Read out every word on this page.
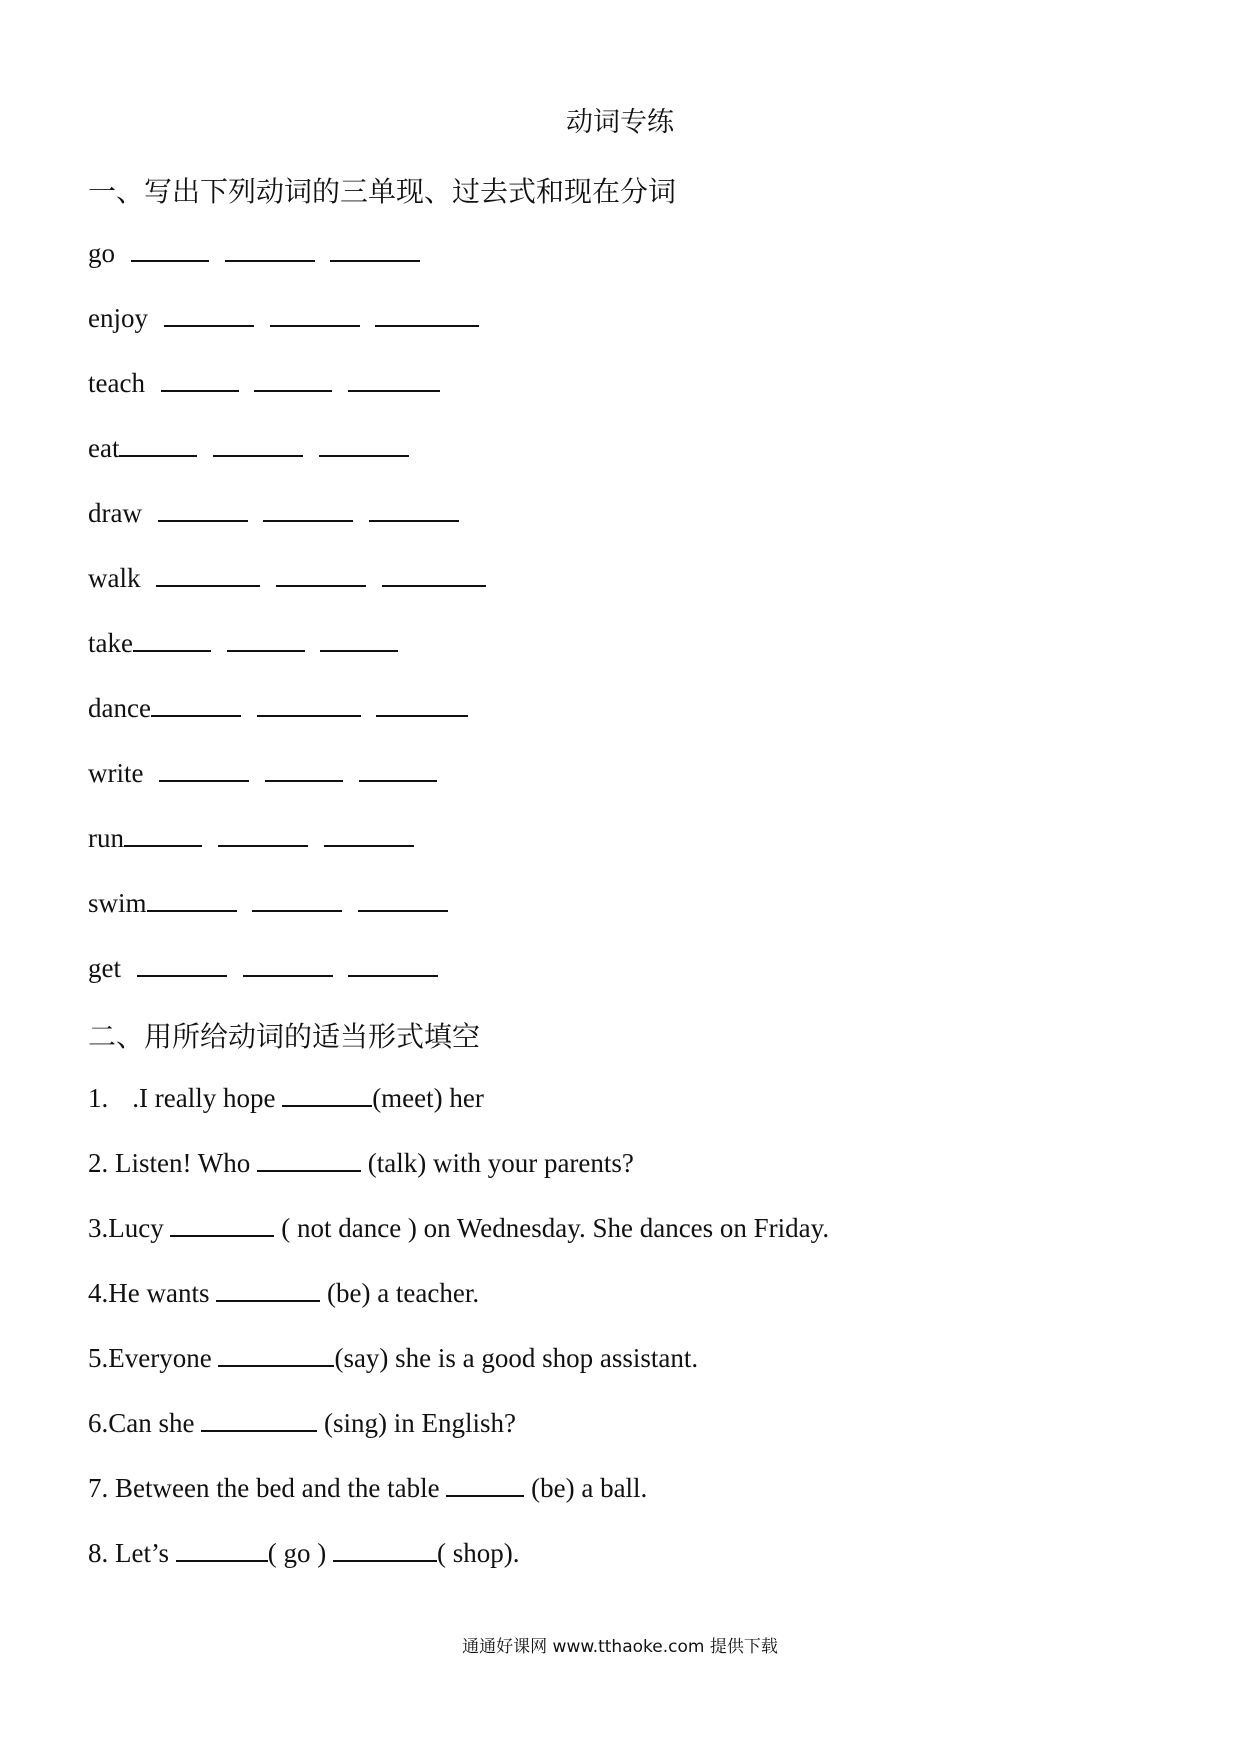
动词专练
一、写出下列动词的三单现、过去式和现在分词
go
enjoy
teach
eat
draw
walk
take
dance
write
run
swim
get
二、用所给动词的适当形式填空
1. .I really hope	(meet) her
2. Listen! Who	(talk) with your parents?
3.Lucy	( not dance ) on Wednesday. She dances on Friday.
4.He wants	(be) a teacher.
5.Everyone	(say) she is a good shop assistant.
6.Can she	(sing) in English?
7. Between the bed and the table	(be) a ball.
8. Let’s	( go )	( shop).
通通好课网 www.tthaoke.com 提供下载
